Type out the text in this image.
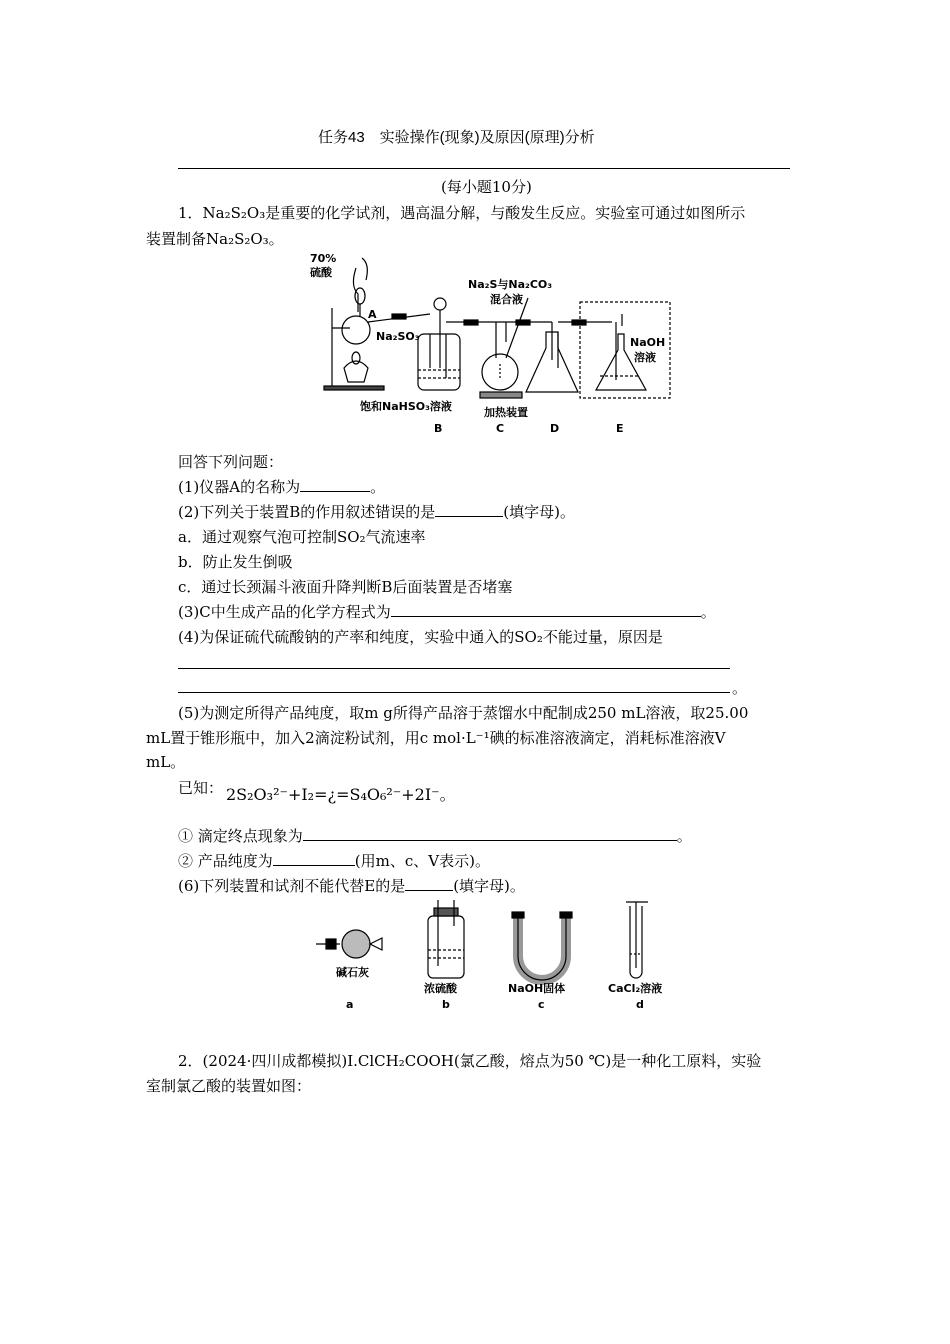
任务43　实验操作(现象)及原因(原理)分析
(每小题10分)
1．Na₂S₂O₃是重要的化学试剂，遇高温分解，与酸发生反应。实验室可通过如图所示
装置制备Na₂S₂O₃。
70%
硫酸
A
Na₂SO₃
Na₂S与Na₂CO₃
混合液
NaOH
溶液
饱和NaHSO₃溶液	加热装置
B	C	D	E
回答下列问题：
(1)仪器A的名称为	。
(2)下列关于装置B的作用叙述错误的是	(填字母)。
a．通过观察气泡可控制SO₂气流速率
b．防止发生倒吸
c．通过长颈漏斗液面升降判断B后面装置是否堵塞
(3)C中生成产品的化学方程式为	。
(4)为保证硫代硫酸钠的产率和纯度，实验中通入的SO₂不能过量，原因是
。
(5)为测定所得产品纯度，取m g所得产品溶于蒸馏水中配制成250 mL溶液，取25.00
mL置于锥形瓶中，加入2滴淀粉试剂，用c mol·L⁻¹碘的标准溶液滴定，消耗标准溶液V
mL。
已知： 2S₂O₃²⁻+I₂=¿=S₄O₆²⁻+2I⁻。
① 滴定终点现象为	。
② 产品纯度为	(用m、c、V表示)。
(6)下列装置和试剂不能代替E的是	(填字母)。
碱石灰
a
浓硫酸
b
NaOH固体
c
CaCl₂溶液
d
2．(2024·四川成都模拟)Ⅰ.ClCH₂COOH(氯乙酸，熔点为50 ℃)是一种化工原料，实验
室制氯乙酸的装置如图：
